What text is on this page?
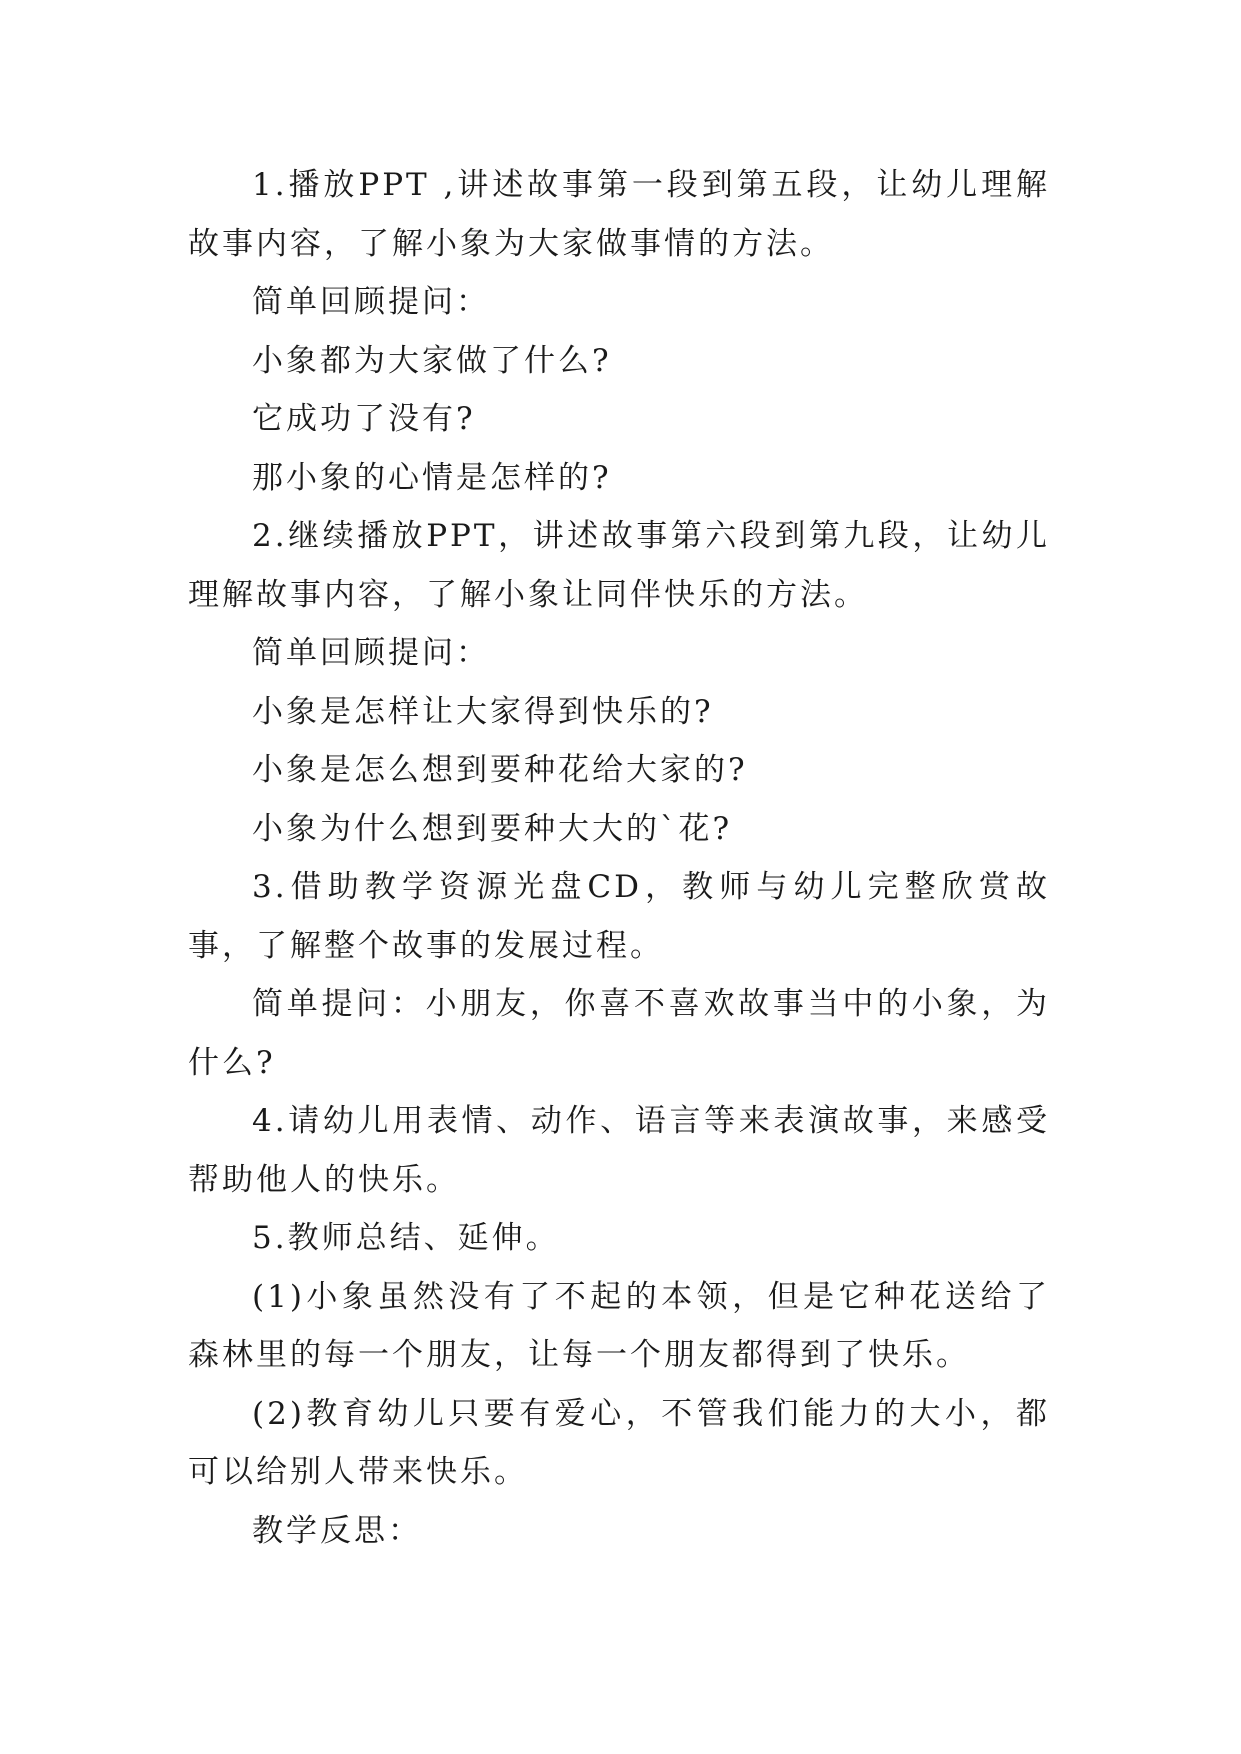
1.播放PPT ,讲述故事第一段到第五段，让幼儿理解故事内容，了解小象为大家做事情的方法。

简单回顾提问：

小象都为大家做了什么?

它成功了没有?

那小象的心情是怎样的?

2.继续播放PPT，讲述故事第六段到第九段，让幼儿理解故事内容，了解小象让同伴快乐的方法。

简单回顾提问：

小象是怎样让大家得到快乐的?

小象是怎么想到要种花给大家的?

小象为什么想到要种大大的`花?

3.借助教学资源光盘CD，教师与幼儿完整欣赏故事，了解整个故事的发展过程。

简单提问：小朋友，你喜不喜欢故事当中的小象，为什么?

4.请幼儿用表情、动作、语言等来表演故事，来感受帮助他人的快乐。

5.教师总结、延伸。

(1)小象虽然没有了不起的本领，但是它种花送给了森林里的每一个朋友，让每一个朋友都得到了快乐。

(2)教育幼儿只要有爱心，不管我们能力的大小，都可以给别人带来快乐。

教学反思：
